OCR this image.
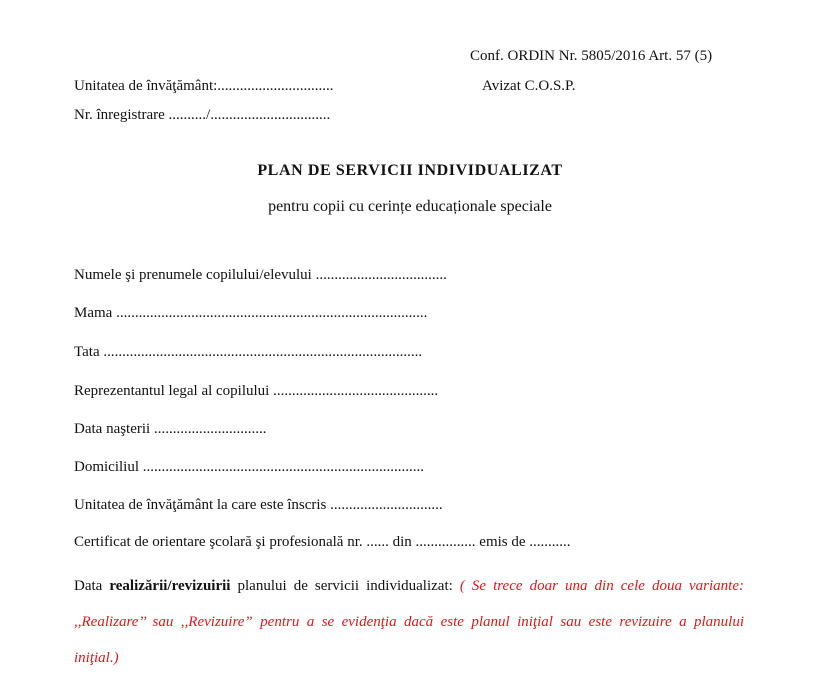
Conf. ORDIN Nr. 5805/2016 Art. 57 (5)
Unitatea de învăţământ:...............................	Avizat C.O.S.P.
Nr. înregistrare ........../................................
PLAN DE SERVICII INDIVIDUALIZAT
pentru copii cu cerințe educaționale speciale
Numele şi prenumele copilului/elevului ...................................
Mama ...................................................................................
Tata .....................................................................................
Reprezentantul legal al copilului ............................................
Data naşterii ..............................
Domiciliul ...........................................................................
Unitatea de învăţământ la care este înscris ..............................
Certificat de orientare şcolară şi profesională nr. ...... din ................ emis de ...........
Data realizării/revizuirii planului de servicii individualizat: ( Se trece doar una din cele doua variante: ,,Realizare’’ sau ,,Revizuire” pentru a se evidenţia dacă este planul iniţial sau este revizuire a planului iniţial.)
